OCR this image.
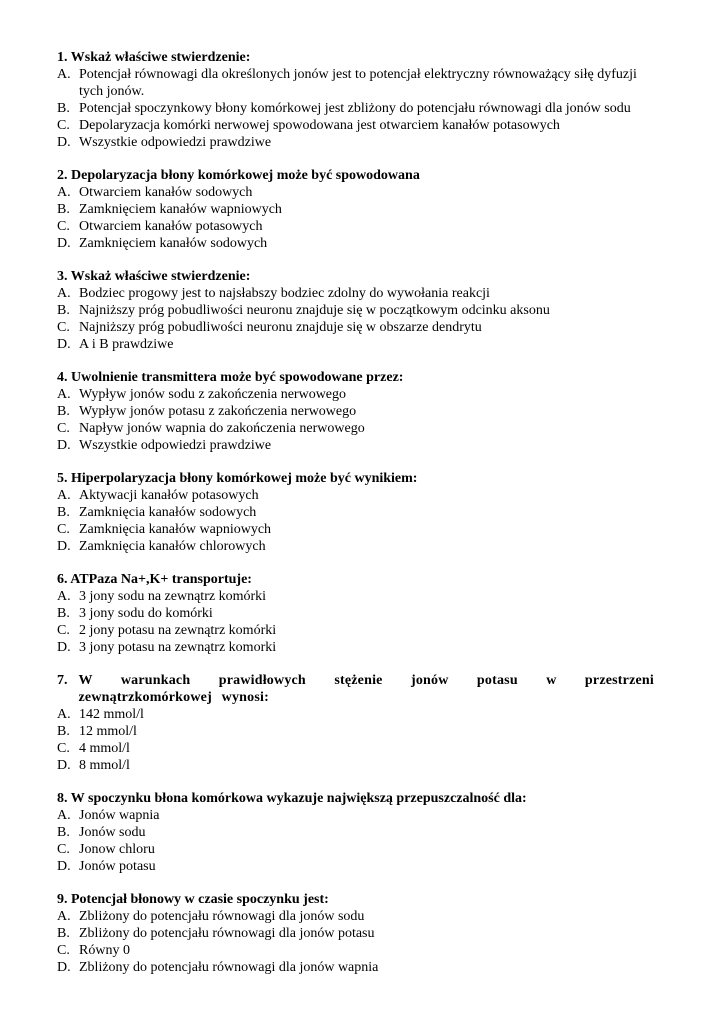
1. Wskaż właściwe stwierdzenie:
A. Potencjał równowagi dla określonych jonów jest to potencjał elektryczny równoważący siłę dyfuzji tych jonów.
B. Potencjał spoczynkowy błony komórkowej jest zbliżony do potencjału równowagi dla jonów sodu
C. Depolaryzacja komórki nerwowej spowodowana jest otwarciem kanałów potasowych
D. Wszystkie odpowiedzi prawdziwe
2. Depolaryzacja błony komórkowej może być spowodowana
A. Otwarciem kanałów sodowych
B. Zamknięciem kanałów wapniowych
C. Otwarciem kanałów potasowych
D. Zamknięciem kanałów sodowych
3. Wskaż właściwe stwierdzenie:
A. Bodziec progowy jest to najsłabszy bodziec zdolny do wywołania reakcji
B. Najniższy próg pobudliwości neuronu znajduje się w początkowym odcinku aksonu
C. Najniższy próg pobudliwości neuronu znajduje się w obszarze dendrytu
D. A i B prawdziwe
4. Uwolnienie transmittera może być spowodowane przez:
A. Wypływ jonów sodu z zakończenia nerwowego
B. Wypływ jonów potasu z zakończenia nerwowego
C. Napływ jonów wapnia do zakończenia nerwowego
D. Wszystkie odpowiedzi prawdziwe
5. Hiperpolaryzacja błony komórkowej może być wynikiem:
A. Aktywacji kanałów potasowych
B. Zamknięcia kanałów sodowych
C. Zamknięcia kanałów wapniowych
D. Zamknięcia kanałów chlorowych
6. ATPaza Na+,K+ transportuje:
A. 3 jony sodu na zewnątrz komórki
B. 3 jony sodu do komórki
C. 2 jony potasu na zewnątrz komórki
D. 3 jony potasu na zewnątrz komorki
7. W warunkach prawidłowych stężenie jonów potasu w przestrzeni zewnątrzkomórkowej wynosi:
A. 142 mmol/l
B. 12 mmol/l
C. 4 mmol/l
D. 8 mmol/l
8. W spoczynku błona komórkowa wykazuje największą przepuszczalność dla:
A. Jonów wapnia
B. Jonów sodu
C. Jonow chloru
D. Jonów potasu
9. Potencjał błonowy w czasie spoczynku jest:
A. Zbliżony do potencjału równowagi dla jonów sodu
B. Zbliżony do potencjału równowagi dla jonów potasu
C. Równy 0
D. Zbliżony do potencjału równowagi dla jonów wapnia
